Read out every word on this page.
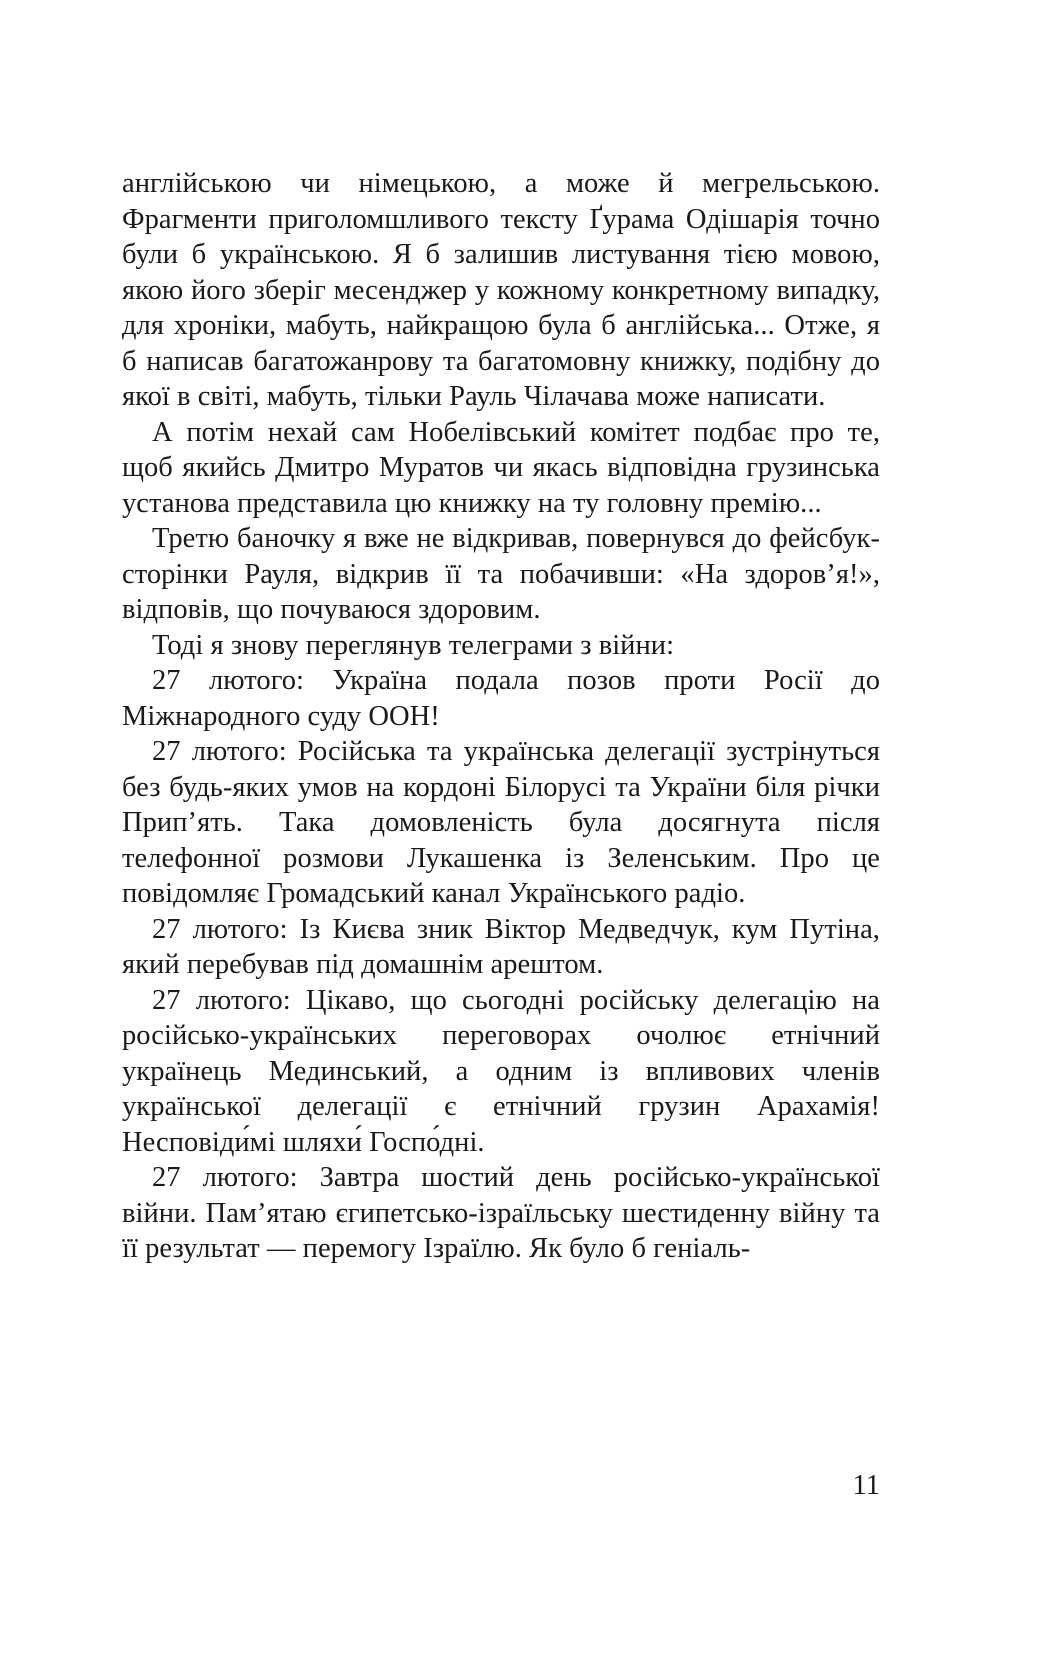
англійською чи німецькою, а може й мегрельською. Фрагменти приголомшливого тексту Ґурама Одішарія точно були б українською. Я б залишив листування тією мовою, якою його зберіг месенджер у кожному конкретному випадку, для хроніки, мабуть, найкращою була б англійська... Отже, я б написав багатожанрову та багатомовну книжку, подібну до якої в світі, мабуть, тільки Рауль Чілачава може написати.

А потім нехай сам Нобелівський комітет подбає про те, щоб якийсь Дмитро Муратов чи якась відповідна грузинська установа представила цю книжку на ту головну премію...

Третю баночку я вже не відкривав, повернувся до фейсбук-сторінки Рауля, відкрив її та побачивши: «На здоров’я!», відповів, що почуваюся здоровим.

Тоді я знову переглянув телеграми з війни:

27 лютого: Україна подала позов проти Росії до Міжнародного суду ООН!

27 лютого: Російська та українська делегації зустрінуться без будь-яких умов на кордоні Білорусі та України біля річки Прип’ять. Така домовленість була досягнута після телефонної розмови Лукашенка із Зеленським. Про це повідомляє Громадський канал Українського радіо.

27 лютого: Із Києва зник Віктор Медведчук, кум Путіна, який перебував під домашнім арештом.

27 лютого: Цікаво, що сьогодні російську делегацію на російсько-українських переговорах очолює етнічний українець Мединський, а одним із впливових членів української делегації є етнічний грузин Арахамія! Несповіди́мі шляхи́ Госпо́дні.

27 лютого: Завтра шостий день російсько-української війни. Пам’ятаю єгипетсько-ізраїльську шестиденну війну та її результат — перемогу Ізраїлю. Як було б геніаль-

11
